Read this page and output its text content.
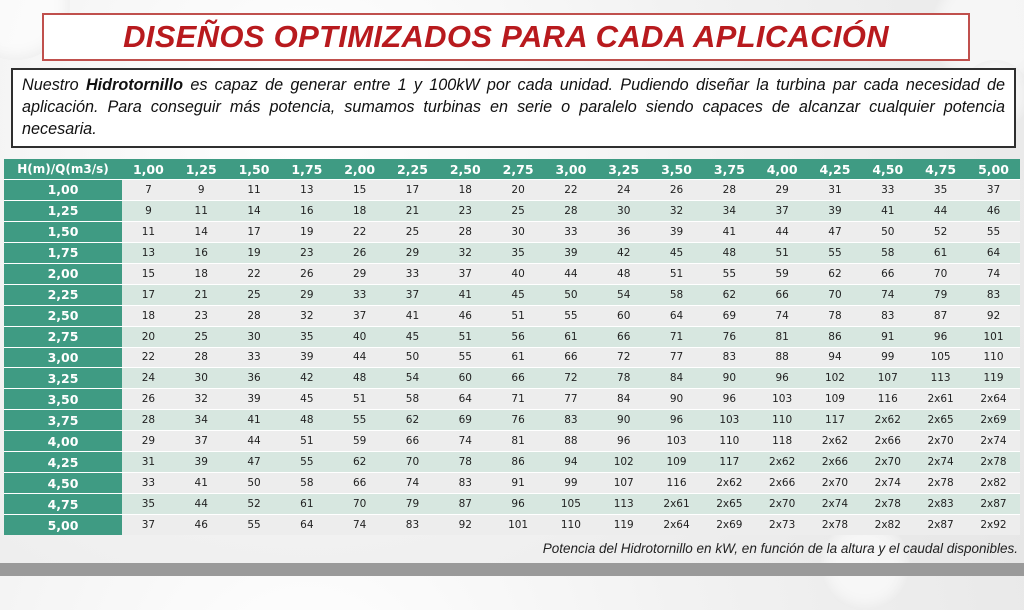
DISEÑOS OPTIMIZADOS PARA CADA APLICACIÓN
Nuestro Hidrotornillo es capaz de generar entre 1 y 100kW por cada unidad. Pudiendo diseñar la turbina par cada necesidad de aplicación. Para conseguir más potencia, sumamos turbinas en serie o paralelo siendo capaces de alcanzar cualquier potencia necesaria.
H(m)/Q(m3/s)	1,00	1,25	1,50	1,75	2,00	2,25	2,50	2,75	3,00	3,25	3,50	3,75	4,00	4,25	4,50	4,75	5,00
1,00	7	9	11	13	15	17	18	20	22	24	26	28	29	31	33	35	37
1,25	9	11	14	16	18	21	23	25	28	30	32	34	37	39	41	44	46
1,50	11	14	17	19	22	25	28	30	33	36	39	41	44	47	50	52	55
1,75	13	16	19	23	26	29	32	35	39	42	45	48	51	55	58	61	64
2,00	15	18	22	26	29	33	37	40	44	48	51	55	59	62	66	70	74
2,25	17	21	25	29	33	37	41	45	50	54	58	62	66	70	74	79	83
2,50	18	23	28	32	37	41	46	51	55	60	64	69	74	78	83	87	92
2,75	20	25	30	35	40	45	51	56	61	66	71	76	81	86	91	96	101
3,00	22	28	33	39	44	50	55	61	66	72	77	83	88	94	99	105	110
3,25	24	30	36	42	48	54	60	66	72	78	84	90	96	102	107	113	119
3,50	26	32	39	45	51	58	64	71	77	84	90	96	103	109	116	2x61	2x64
3,75	28	34	41	48	55	62	69	76	83	90	96	103	110	117	2x62	2x65	2x69
4,00	29	37	44	51	59	66	74	81	88	96	103	110	118	2x62	2x66	2x70	2x74
4,25	31	39	47	55	62	70	78	86	94	102	109	117	2x62	2x66	2x70	2x74	2x78
4,50	33	41	50	58	66	74	83	91	99	107	116	2x62	2x66	2x70	2x74	2x78	2x82
4,75	35	44	52	61	70	79	87	96	105	113	2x61	2x65	2x70	2x74	2x78	2x83	2x87
5,00	37	46	55	64	74	83	92	101	110	119	2x64	2x69	2x73	2x78	2x82	2x87	2x92
Potencia del Hidrotornillo en kW, en función de la altura y el caudal disponibles.
